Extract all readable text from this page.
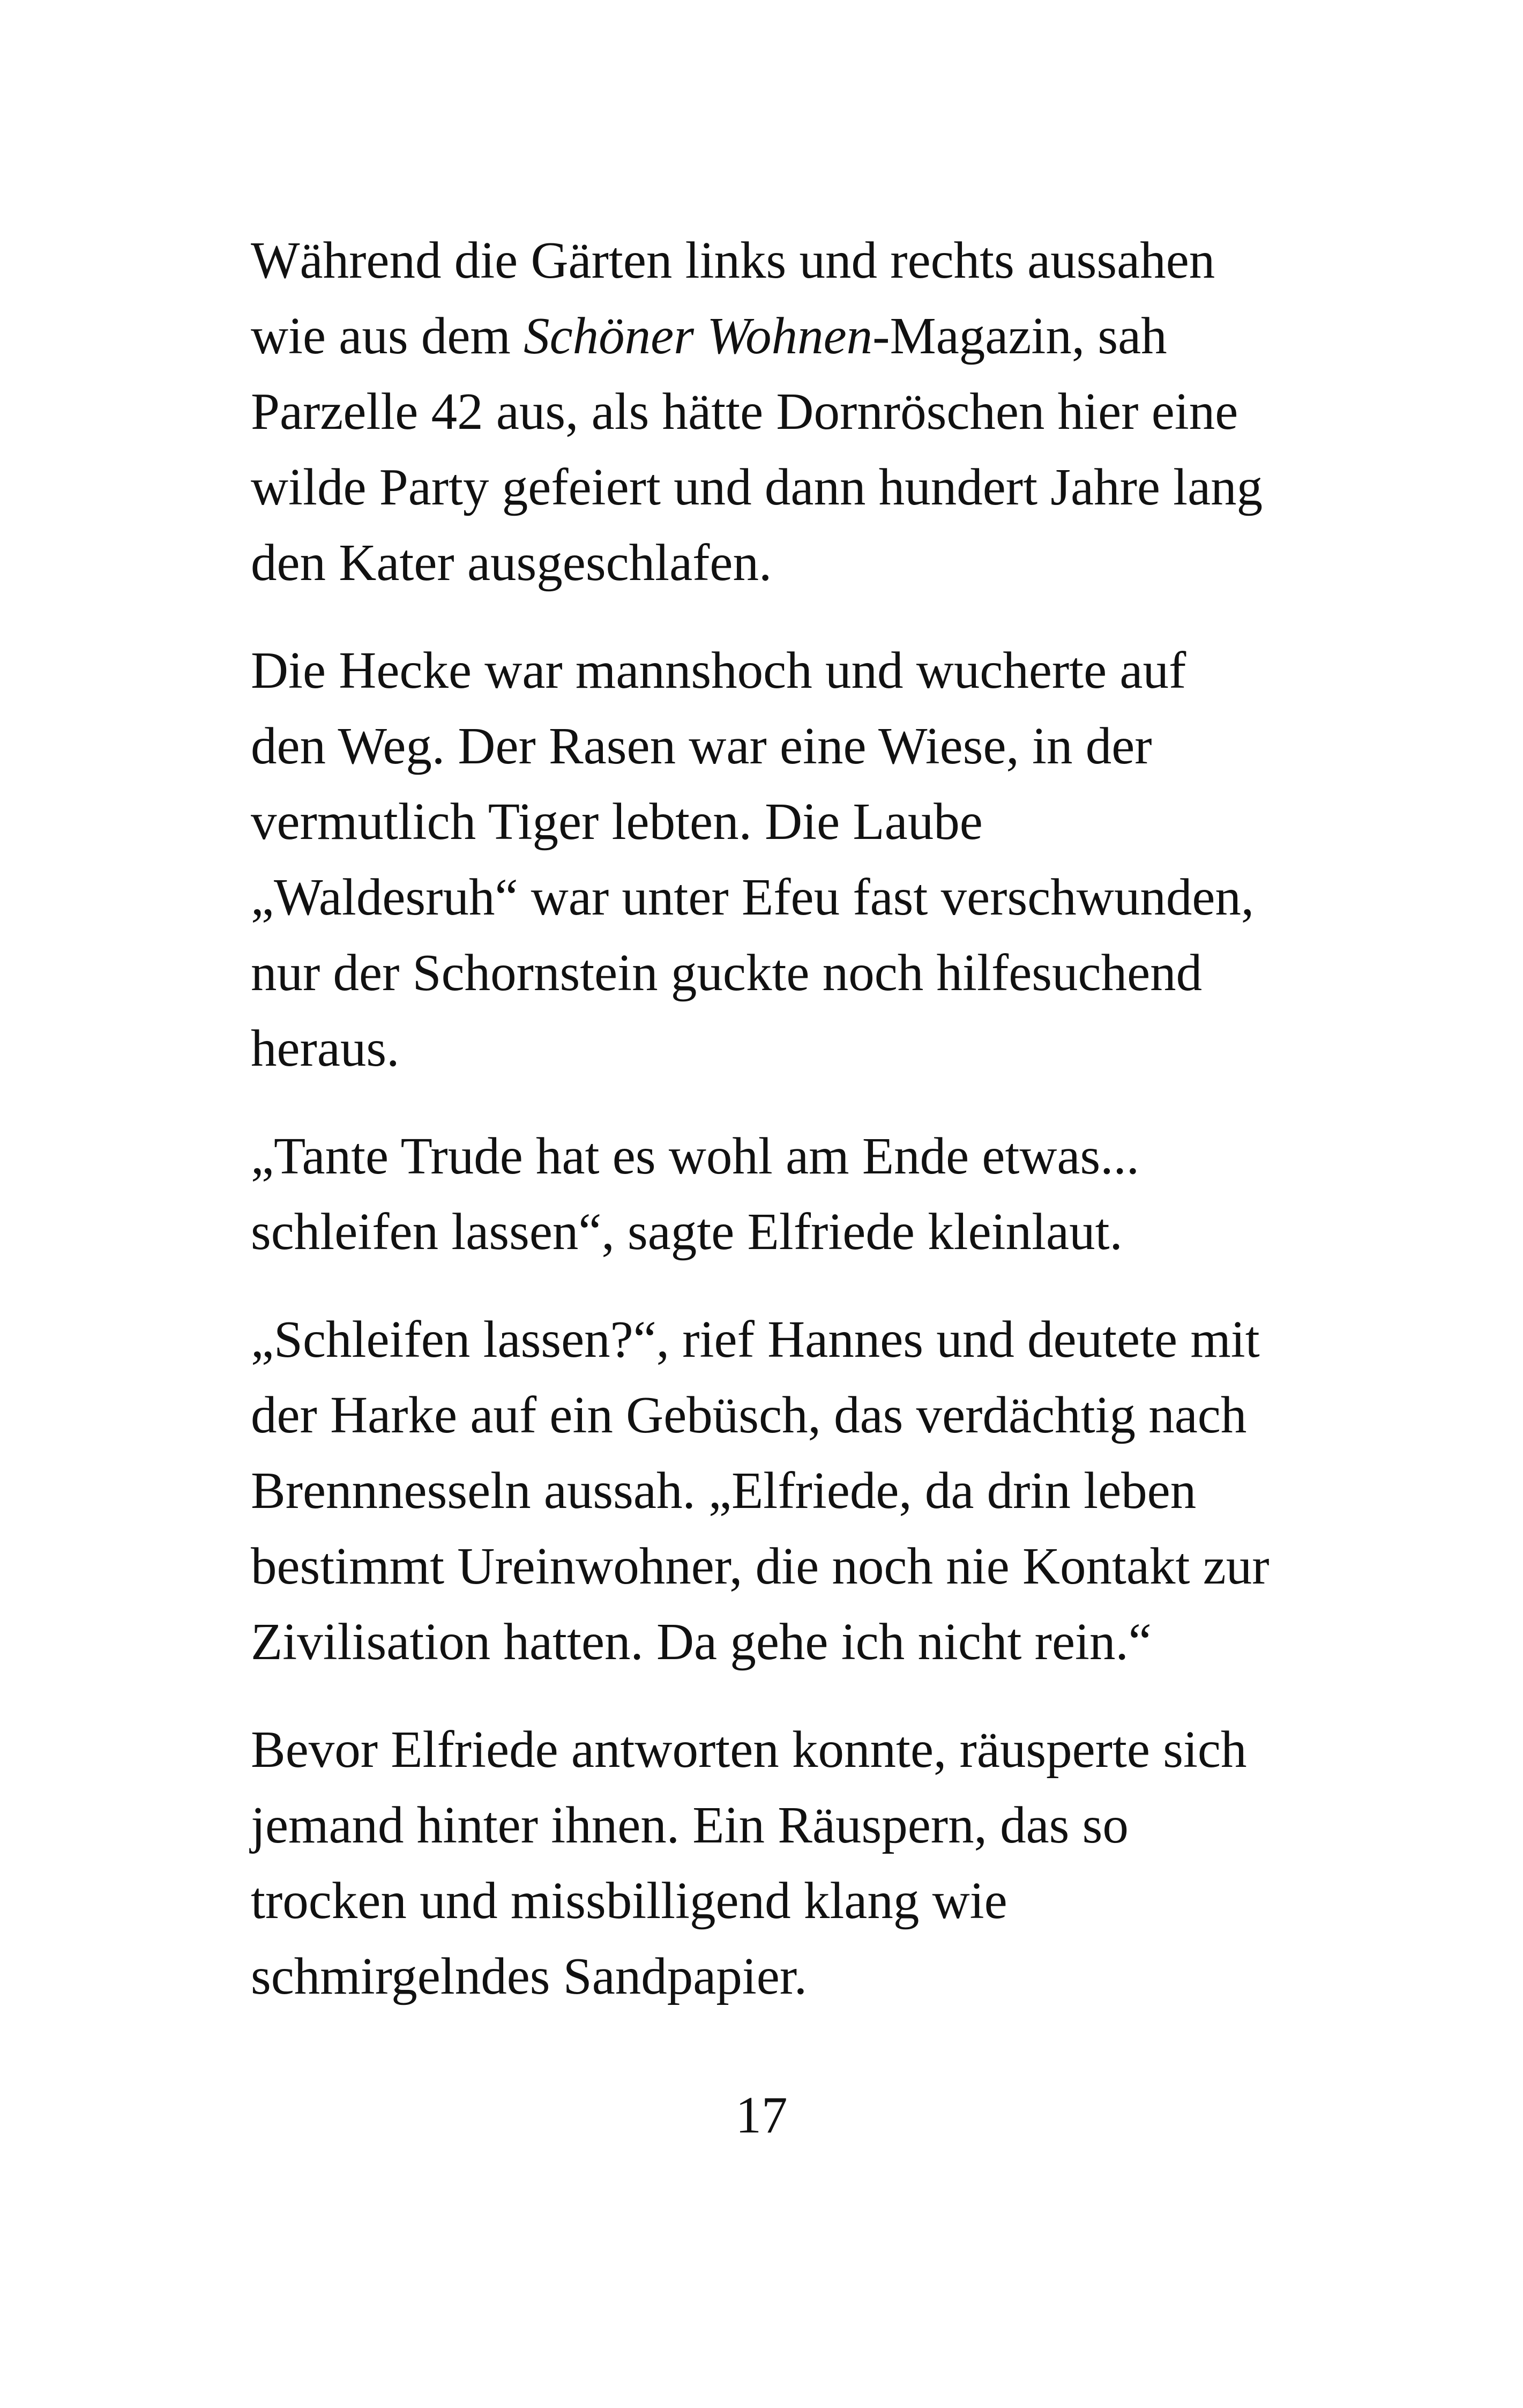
Während die Gärten links und rechts aussahen
wie aus dem Schöner Wohnen-Magazin, sah
Parzelle 42 aus, als hätte Dornröschen hier eine
wilde Party gefeiert und dann hundert Jahre lang
den Kater ausgeschlafen.

Die Hecke war mannshoch und wucherte auf
den Weg. Der Rasen war eine Wiese, in der
vermutlich Tiger lebten. Die Laube
„Waldesruh“ war unter Efeu fast verschwunden,
nur der Schornstein guckte noch hilfesuchend
heraus.

„Tante Trude hat es wohl am Ende etwas...
schleifen lassen“, sagte Elfriede kleinlaut.

„Schleifen lassen?“, rief Hannes und deutete mit
der Harke auf ein Gebüsch, das verdächtig nach
Brennnesseln aussah. „Elfriede, da drin leben
bestimmt Ureinwohner, die noch nie Kontakt zur
Zivilisation hatten. Da gehe ich nicht rein.“

Bevor Elfriede antworten konnte, räusperte sich
jemand hinter ihnen. Ein Räuspern, das so
trocken und missbilligend klang wie
schmirgelndes Sandpapier.

17
